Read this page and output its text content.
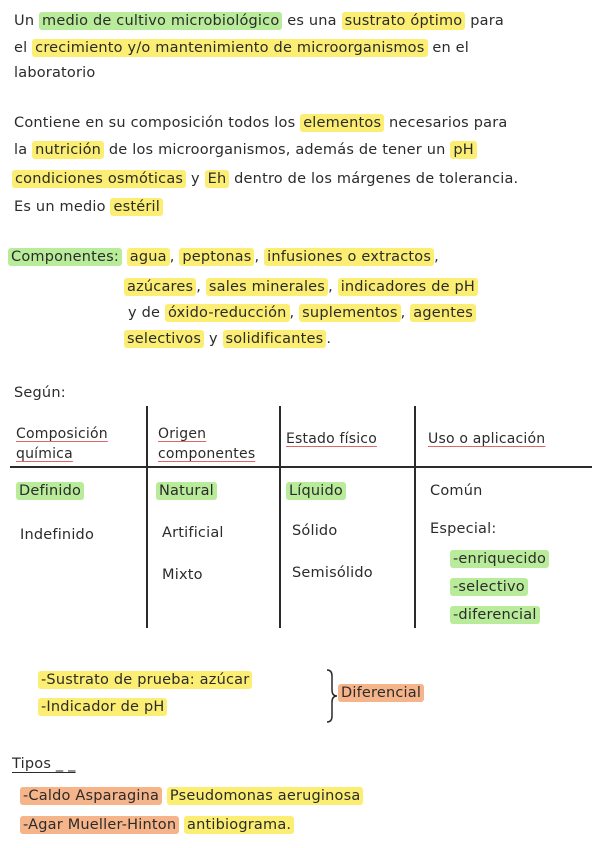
Un medio de cultivo microbiológico es una sustrato óptimo para
el crecimiento y/o mantenimiento de microorganismos en el
laboratorio
Contiene en su composición todos los elementos necesarios para
la nutrición de los microorganismos, además de tener un pH
condiciones osmóticas y Eh dentro de los márgenes de tolerancia.
Es un medio estéril
Componentes: agua , peptonas , infusiones o extractos ,
azúcares , sales minerales , indicadores de pH
y de óxido-reducción , suplementos , agentes
selectivos y solidificantes .
Según:
Composición química
Origen componentes
Estado físico	Uso o aplicación
Definido
Indefinido
Natural
Artificial
Mixto
Líquido
Sólido
Semisólido
Común
Especial:
-enriquecido
-selectivo
-diferencial
-Sustrato de prueba: azúcar
-Indicador de pH
Diferencial
Tipos _ _
-Caldo Asparagina Pseudomonas aeruginosa
-Agar Mueller-Hinton antibiograma.
